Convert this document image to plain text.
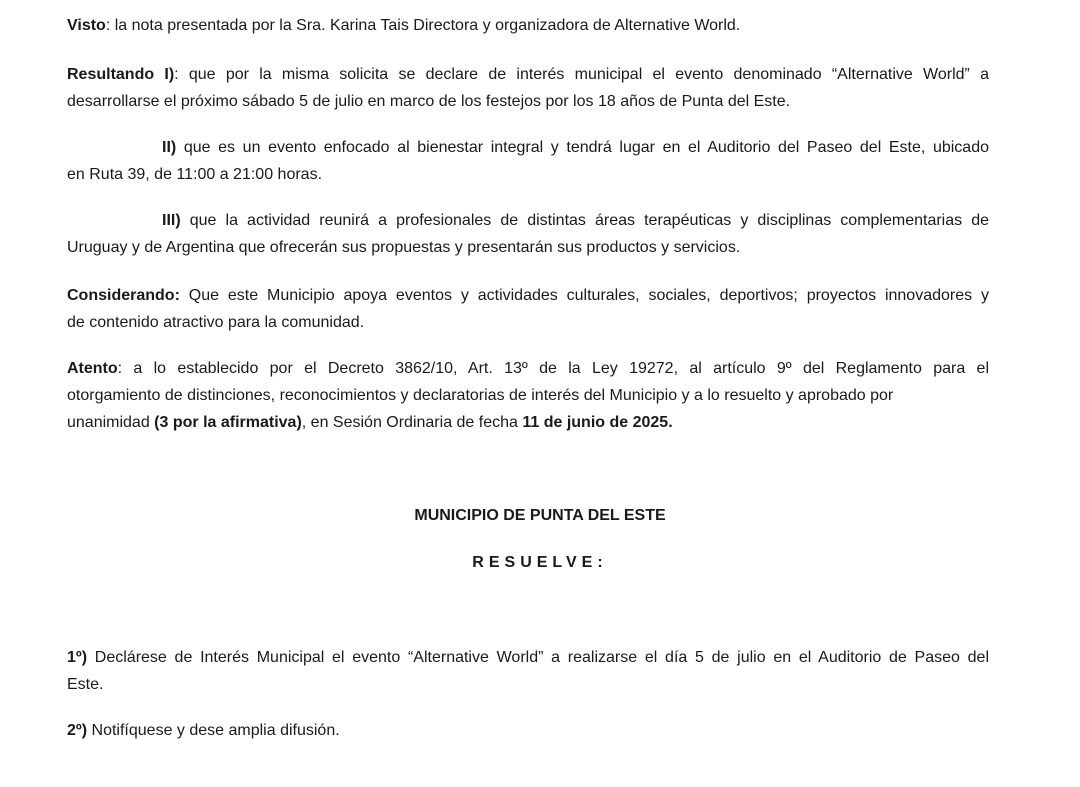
Visto: la nota presentada por la Sra. Karina Tais Directora y organizadora de Alternative World.

Resultando I): que por la misma solicita se declare de interés municipal el evento denominado “Alternative World” a
desarrollarse el próximo sábado 5 de julio en marco de los festejos por los 18 años de Punta del Este.

II) que es un evento enfocado al bienestar integral y tendrá lugar en el Auditorio del Paseo del Este, ubicado
en Ruta 39, de 11:00 a 21:00 horas.

III) que la actividad reunirá a profesionales de distintas áreas terapéuticas y disciplinas complementarias de
Uruguay y de Argentina que ofrecerán sus propuestas y presentarán sus productos y servicios.

Considerando: Que este Municipio apoya eventos y actividades culturales, sociales, deportivos; proyectos innovadores y
de contenido atractivo para la comunidad.

Atento: a lo establecido por el Decreto 3862/10, Art. 13º de la Ley 19272, al artículo 9º del Reglamento para el
otorgamiento de distinciones, reconocimientos y declaratorias de interés del Municipio y a lo resuelto y aprobado por
unanimidad (3 por la afirmativa), en Sesión Ordinaria de fecha 11 de junio de 2025.

MUNICIPIO DE PUNTA DEL ESTE

RESUELVE:

1º) Declárese de Interés Municipal el evento “Alternative World” a realizarse el día 5 de julio en el Auditorio de Paseo del
Este.

2º) Notifíquese y dese amplia difusión.
